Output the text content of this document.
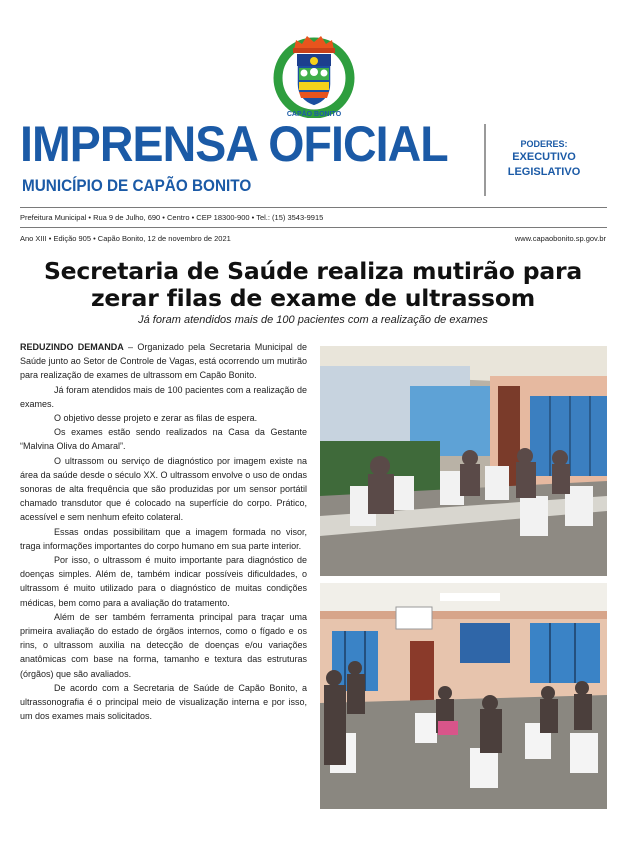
CAPÃO BONITO
IMPRENSA OFICIAL
MUNICÍPIO DE CAPÃO BONITO
PODERES:
EXECUTIVO
LEGISLATIVO
Prefeitura Municipal • Rua 9 de Julho, 690 • Centro • CEP 18300-900 • Tel.: (15) 3543-9915
Ano XIII • Edição 905 • Capão Bonito, 12 de novembro de 2021	www.capaobonito.sp.gov.br
Secretaria de Saúde realiza mutirão para zerar filas de exame de ultrassom
Já foram atendidos mais de 100 pacientes com a realização de exames

REDUZINDO DEMANDA – Organizado pela Secretaria Municipal de Saúde junto ao Setor de Controle de Vagas, está ocorrendo um mutirão para realização de exames de ultrassom em Capão Bonito.

Já foram atendidos mais de 100 pacientes com a realização de exames.

O objetivo desse projeto e zerar as filas de espera.

Os exames estão sendo realizados na Casa da Gestante “Malvina Oliva do Amaral”.

O ultrassom ou serviço de diagnóstico por imagem existe na área da saúde desde o século XX. O ultrassom envolve o uso de ondas sonoras de alta frequência que são produzidas por um sensor portátil chamado transdutor que é colocado na superfície do corpo. Prático, acessível e sem nenhum efeito colateral.

Essas ondas possibilitam que a imagem formada no visor, traga informações importantes do corpo humano em sua parte interior.

Por isso, o ultrassom é muito importante para diagnóstico de doenças simples. Além de, também indicar possíveis dificuldades, o ultrassom é muito utilizado para o diagnóstico de muitas condições médicas, bem como para a avaliação do tratamento.

Além de ser também ferramenta principal para traçar uma primeira avaliação do estado de órgãos internos, como o fígado e os rins, o ultrassom auxilia na detecção de doenças e/ou variações anatômicas com base na forma, tamanho e textura das estruturas (órgãos) que são avaliados.

De acordo com a Secretaria de Saúde de Capão Bonito, a ultrassonografia é o principal meio de visualização interna e por isso, um dos exames mais solicitados.
